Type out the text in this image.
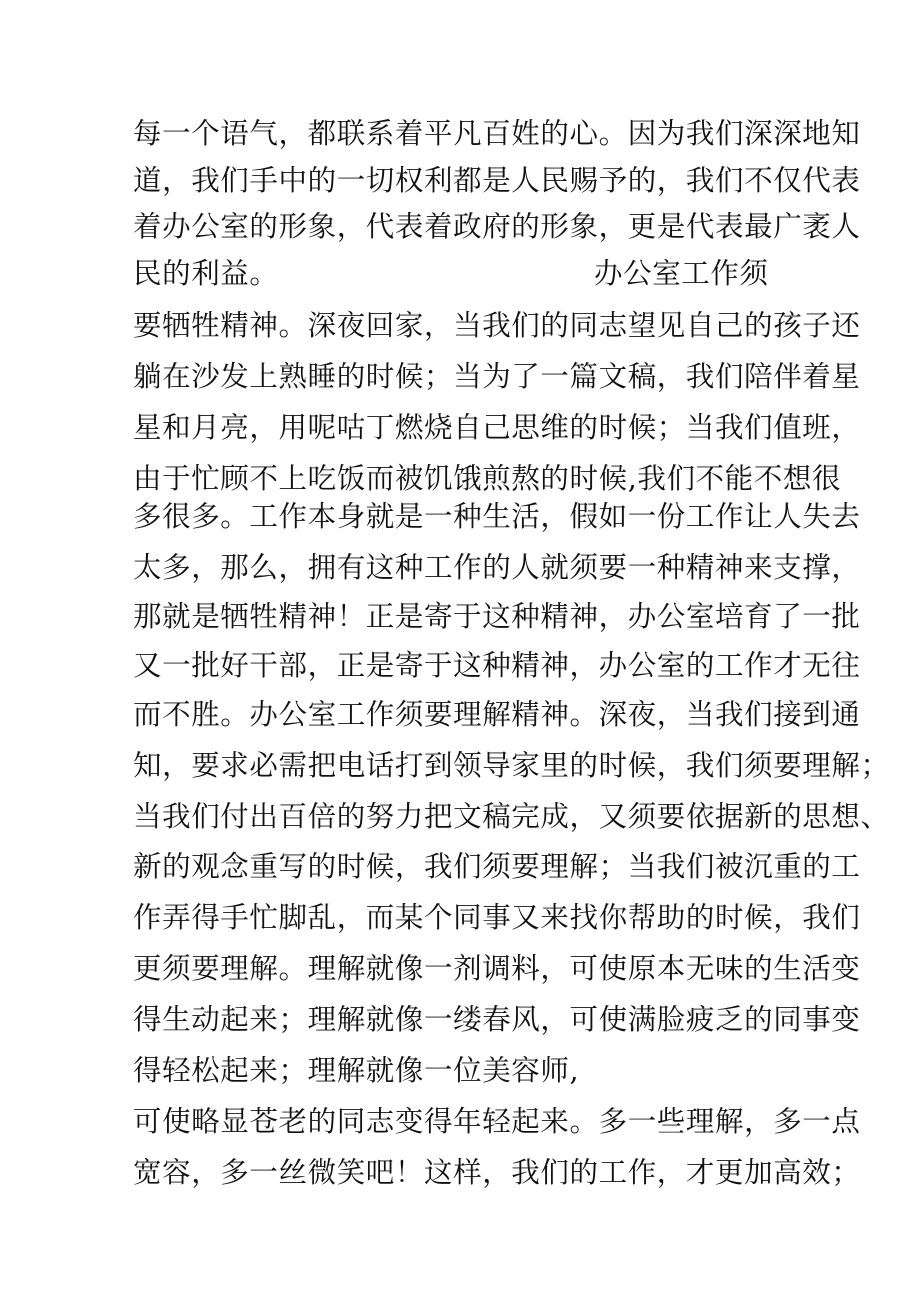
每一个语气，都联系着平凡百姓的心。因为我们深深地知
道，我们手中的一切权利都是人民赐予的，我们不仅代表
着办公室的形象，代表着政府的形象，更是代表最广袤人
民的利益。	办公室工作须
要牺牲精神。深夜回家，当我们的同志望见自己的孩子还
躺在沙发上熟睡的时候；当为了一篇文稿，我们陪伴着星
星和月亮，用呢咕丁燃烧自己思维的时候；当我们值班，
由于忙顾不上吃饭而被饥饿煎熬的时候,我们不能不想很
多很多。工作本身就是一种生活，假如一份工作让人失去
太多，那么，拥有这种工作的人就须要一种精神来支撑，
那就是牺牲精神！正是寄于这种精神，办公室培育了一批
又一批好干部，正是寄于这种精神，办公室的工作才无往
而不胜。办公室工作须要理解精神。深夜，当我们接到通
知，要求必需把电话打到领导家里的时候，我们须要理解；
当我们付出百倍的努力把文稿完成，又须要依据新的思想、
新的观念重写的时候，我们须要理解；当我们被沉重的工
作弄得手忙脚乱，而某个同事又来找你帮助的时候，我们
更须要理解。理解就像一剂调料，可使原本无味的生活变
得生动起来；理解就像一缕春风，可使满脸疲乏的同事变
得轻松起来；理解就像一位美容师,
可使略显苍老的同志变得年轻起来。多一些理解，多一点
宽容，多一丝微笑吧！这样，我们的工作，才更加高效；
